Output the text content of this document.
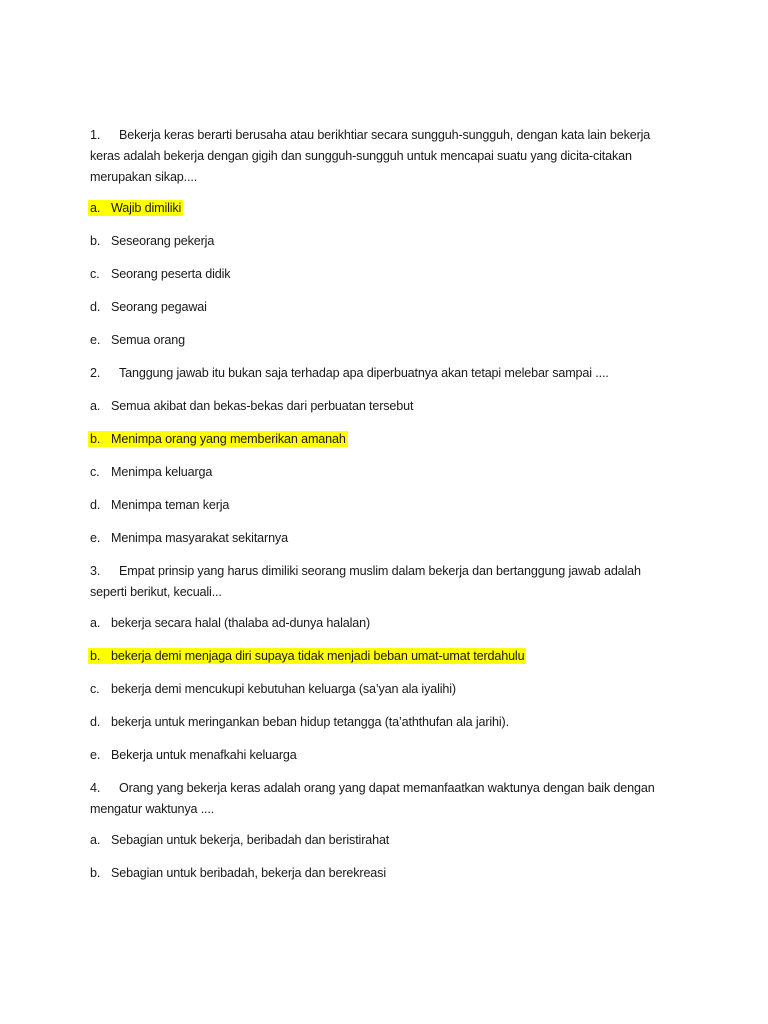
1. Bekerja keras berarti berusaha atau berikhtiar secara sungguh-sungguh, dengan kata lain bekerja
keras adalah bekerja dengan gigih dan sungguh-sungguh untuk mencapai suatu yang dicita-citakan
merupakan sikap....
a. Wajib dimiliki
b. Seseorang pekerja
c. Seorang peserta didik
d. Seorang pegawai
e. Semua orang
2. Tanggung jawab itu bukan saja terhadap apa diperbuatnya akan tetapi melebar sampai ....
a. Semua akibat dan bekas-bekas dari perbuatan tersebut
b. Menimpa orang yang memberikan amanah
c. Menimpa keluarga
d. Menimpa teman kerja
e. Menimpa masyarakat sekitarnya
3. Empat prinsip yang harus dimiliki seorang muslim dalam bekerja dan bertanggung jawab adalah
seperti berikut, kecuali...
a. bekerja secara halal (thalaba ad-dunya halalan)
b. bekerja demi menjaga diri supaya tidak menjadi beban umat-umat terdahulu
c. bekerja demi mencukupi kebutuhan keluarga (sa’yan ala iyalihi)
d. bekerja untuk meringankan beban hidup tetangga (ta’aththufan ala jarihi).
e. Bekerja untuk menafkahi keluarga
4. Orang yang bekerja keras adalah orang yang dapat memanfaatkan waktunya dengan baik dengan
mengatur waktunya ....
a. Sebagian untuk bekerja, beribadah dan beristirahat
b. Sebagian untuk beribadah, bekerja dan berekreasi
